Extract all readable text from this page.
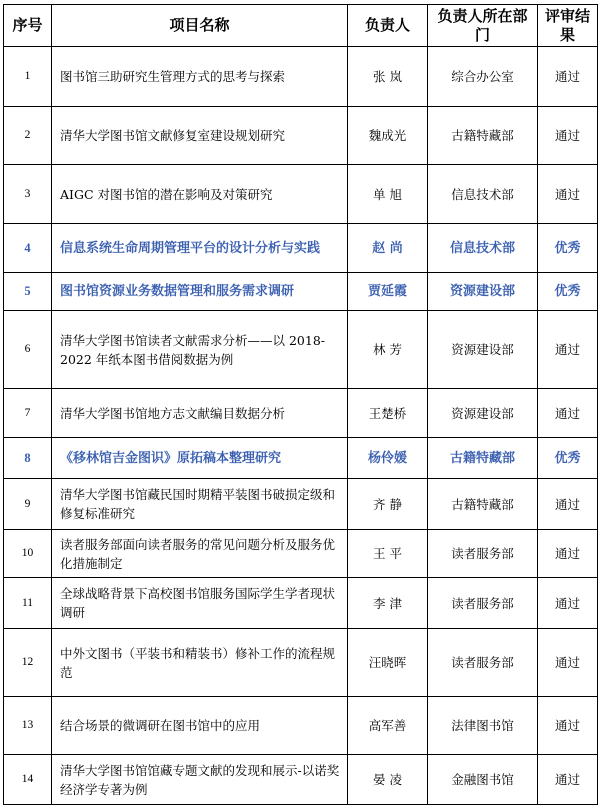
序号	项目名称	负责人	负责人所在部门	评审结果
1	图书馆三助研究生管理方式的思考与探索	张 岚	综合办公室	通过
2	清华大学图书馆文献修复室建设规划研究	魏成光	古籍特藏部	通过
3	AIGC 对图书馆的潜在影响及对策研究	单 旭	信息技术部	通过
4	信息系统生命周期管理平台的设计分析与实践	赵 尚	信息技术部	优秀
5	图书馆资源业务数据管理和服务需求调研	贾延霞	资源建设部	优秀
6	清华大学图书馆读者文献需求分析——以 2018-2022 年纸本图书借阅数据为例	林 芳	资源建设部	通过
7	清华大学图书馆地方志文献编目数据分析	王楚桥	资源建设部	通过
8	《移林馆吉金图识》原拓稿本整理研究	杨伶媛	古籍特藏部	优秀
9	清华大学图书馆藏民国时期精平装图书破损定级和修复标准研究	齐 静	古籍特藏部	通过
10	读者服务部面向读者服务的常见问题分析及服务优化措施制定	王 平	读者服务部	通过
11	全球战略背景下高校图书馆服务国际学生学者现状调研	李 津	读者服务部	通过
12	中外文图书（平装书和精装书）修补工作的流程规范	汪晓晖	读者服务部	通过
13	结合场景的微调研在图书馆中的应用	高军善	法律图书馆	通过
14	清华大学图书馆馆藏专题文献的发现和展示-以诺奖经济学专著为例	晏 凌	金融图书馆	通过
